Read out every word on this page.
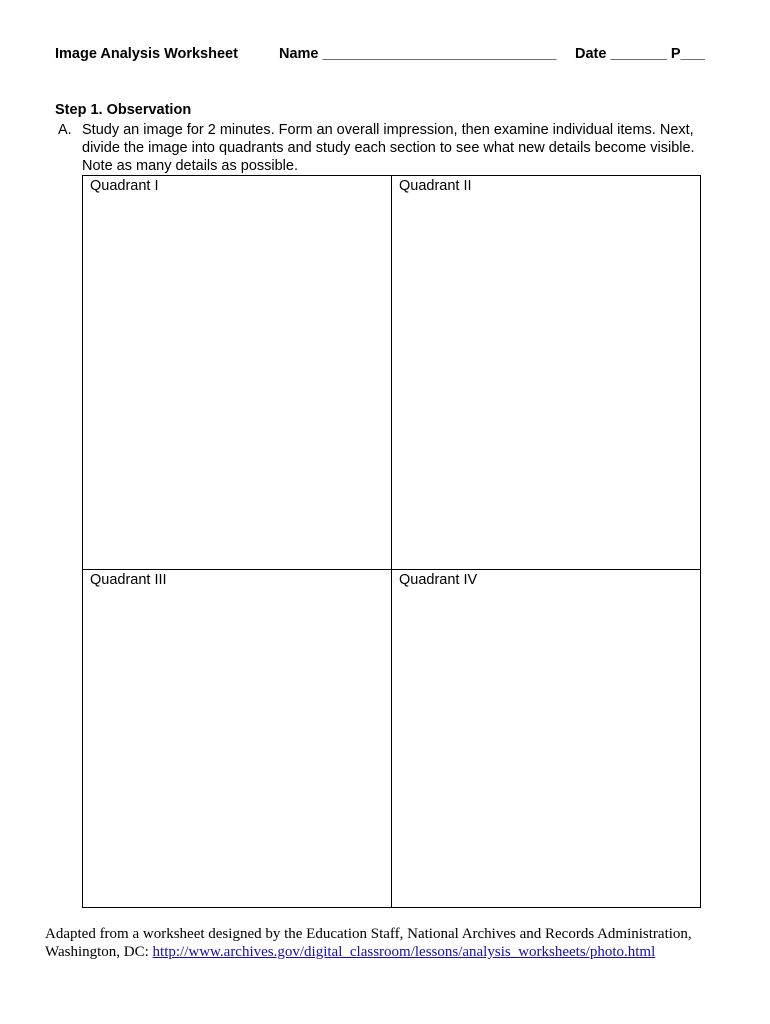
Image Analysis Worksheet

	Name _____________________________

Date _______ P___

Step 1. Observation
A. Study an image for 2 minutes. Form an overall impression, then examine individual items. Next, divide the image into quadrants and study each section to see what new details become visible. Note as many details as possible.
Quadrant I	Quadrant II
Quadrant III	Quadrant IV
Adapted from a worksheet designed by the Education Staff, National Archives and Records Administration,
Washington, DC: http://www.archives.gov/digital_classroom/lessons/analysis_worksheets/photo.html
